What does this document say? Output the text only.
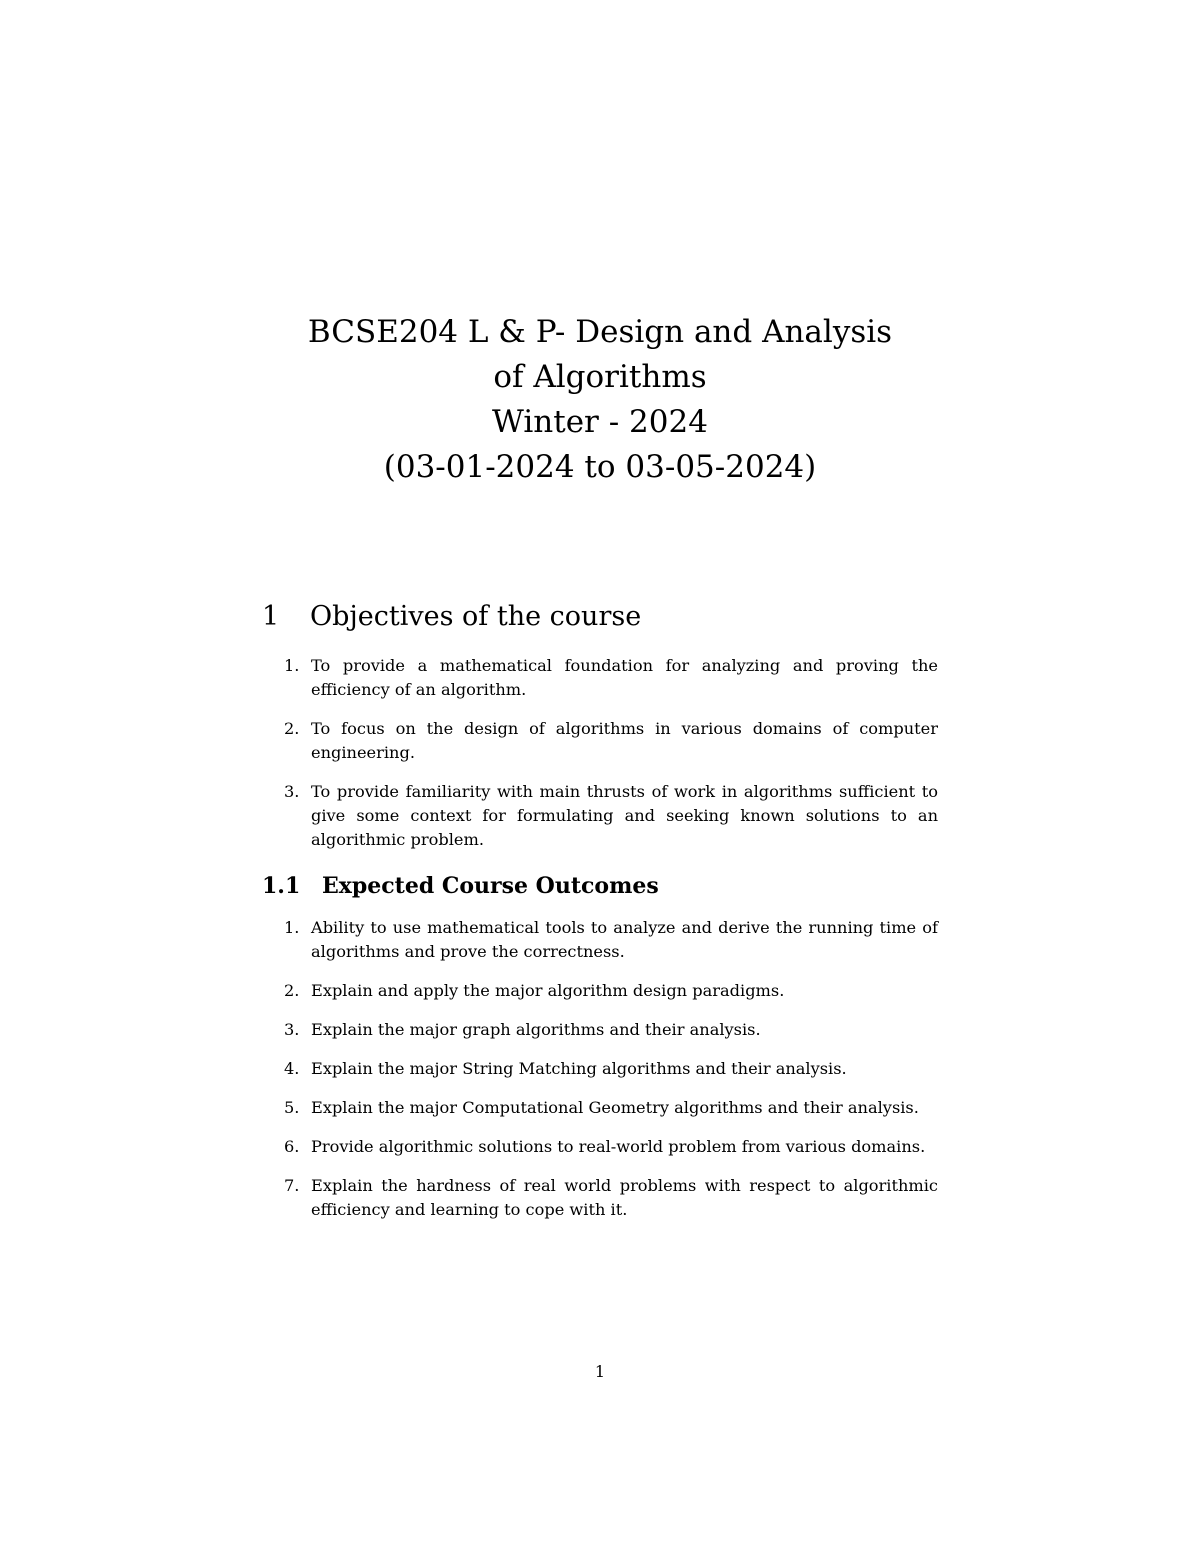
BCSE204 L & P- Design and Analysis
of Algorithms
Winter - 2024
(03-01-2024 to 03-05-2024)
1 Objectives of the course
1. To provide a mathematical foundation for analyzing and proving the efficiency of an algorithm.
2. To focus on the design of algorithms in various domains of computer engineering.
3. To provide familiarity with main thrusts of work in algorithms sufficient to give some context for formulating and seeking known solutions to an algorithmic problem.
1.1 Expected Course Outcomes
1. Ability to use mathematical tools to analyze and derive the running time of algorithms and prove the correctness.
2. Explain and apply the major algorithm design paradigms.
3. Explain the major graph algorithms and their analysis.
4. Explain the major String Matching algorithms and their analysis.
5. Explain the major Computational Geometry algorithms and their analysis.
6. Provide algorithmic solutions to real-world problem from various domains.
7. Explain the hardness of real world problems with respect to algorithmic efficiency and learning to cope with it.
1
